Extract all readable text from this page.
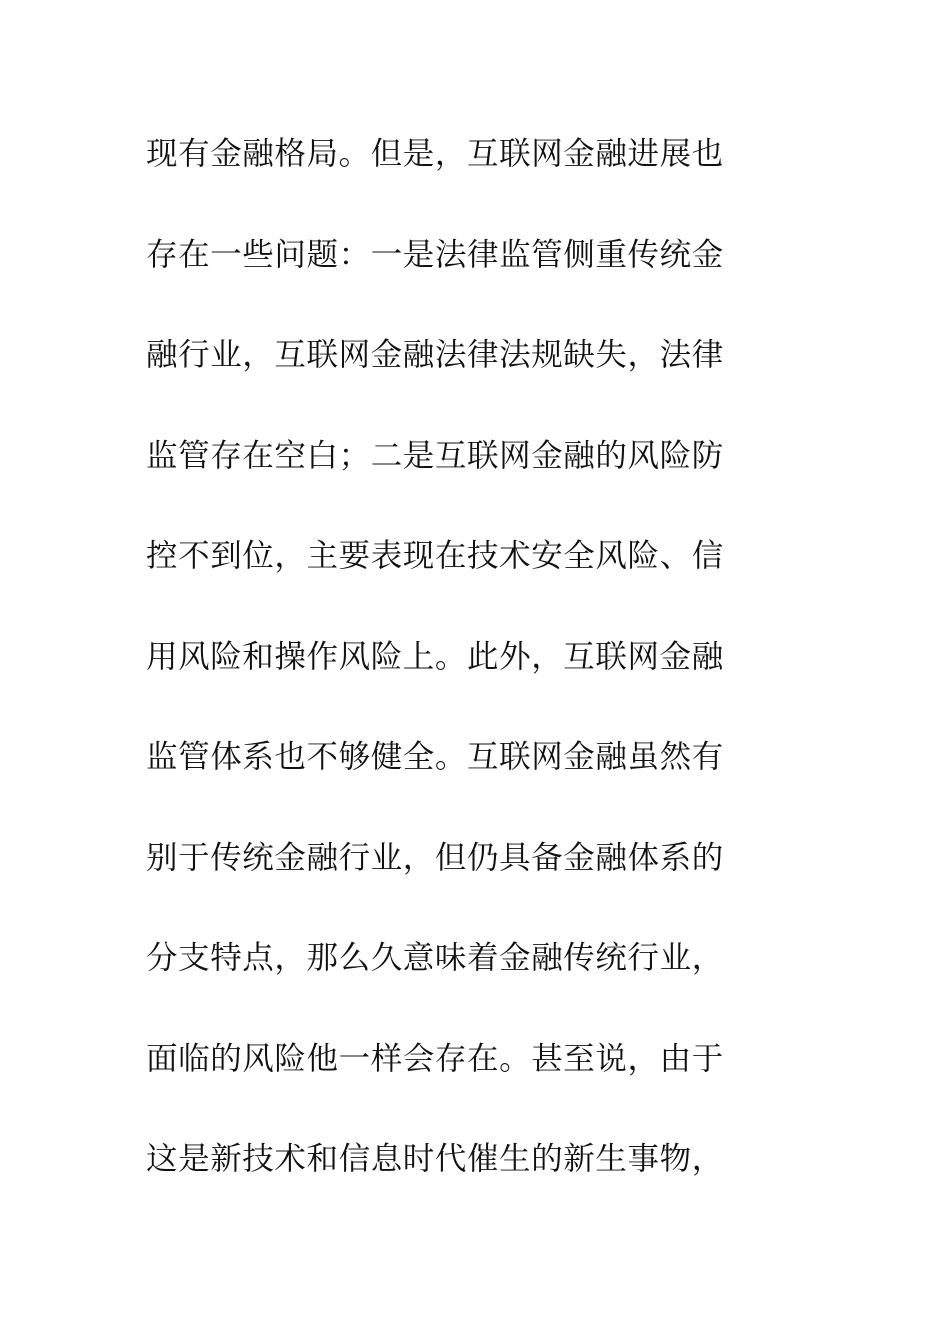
现有金融格局。但是，互联网金融进展也
存在一些问题：一是法律监管侧重传统金
融行业，互联网金融法律法规缺失，法律
监管存在空白；二是互联网金融的风险防
控不到位，主要表现在技术安全风险、信
用风险和操作风险上。此外，互联网金融
监管体系也不够健全。互联网金融虽然有
别于传统金融行业，但仍具备金融体系的
分支特点，那么久意味着金融传统行业，
面临的风险他一样会存在。甚至说，由于
这是新技术和信息时代催生的新生事物，
